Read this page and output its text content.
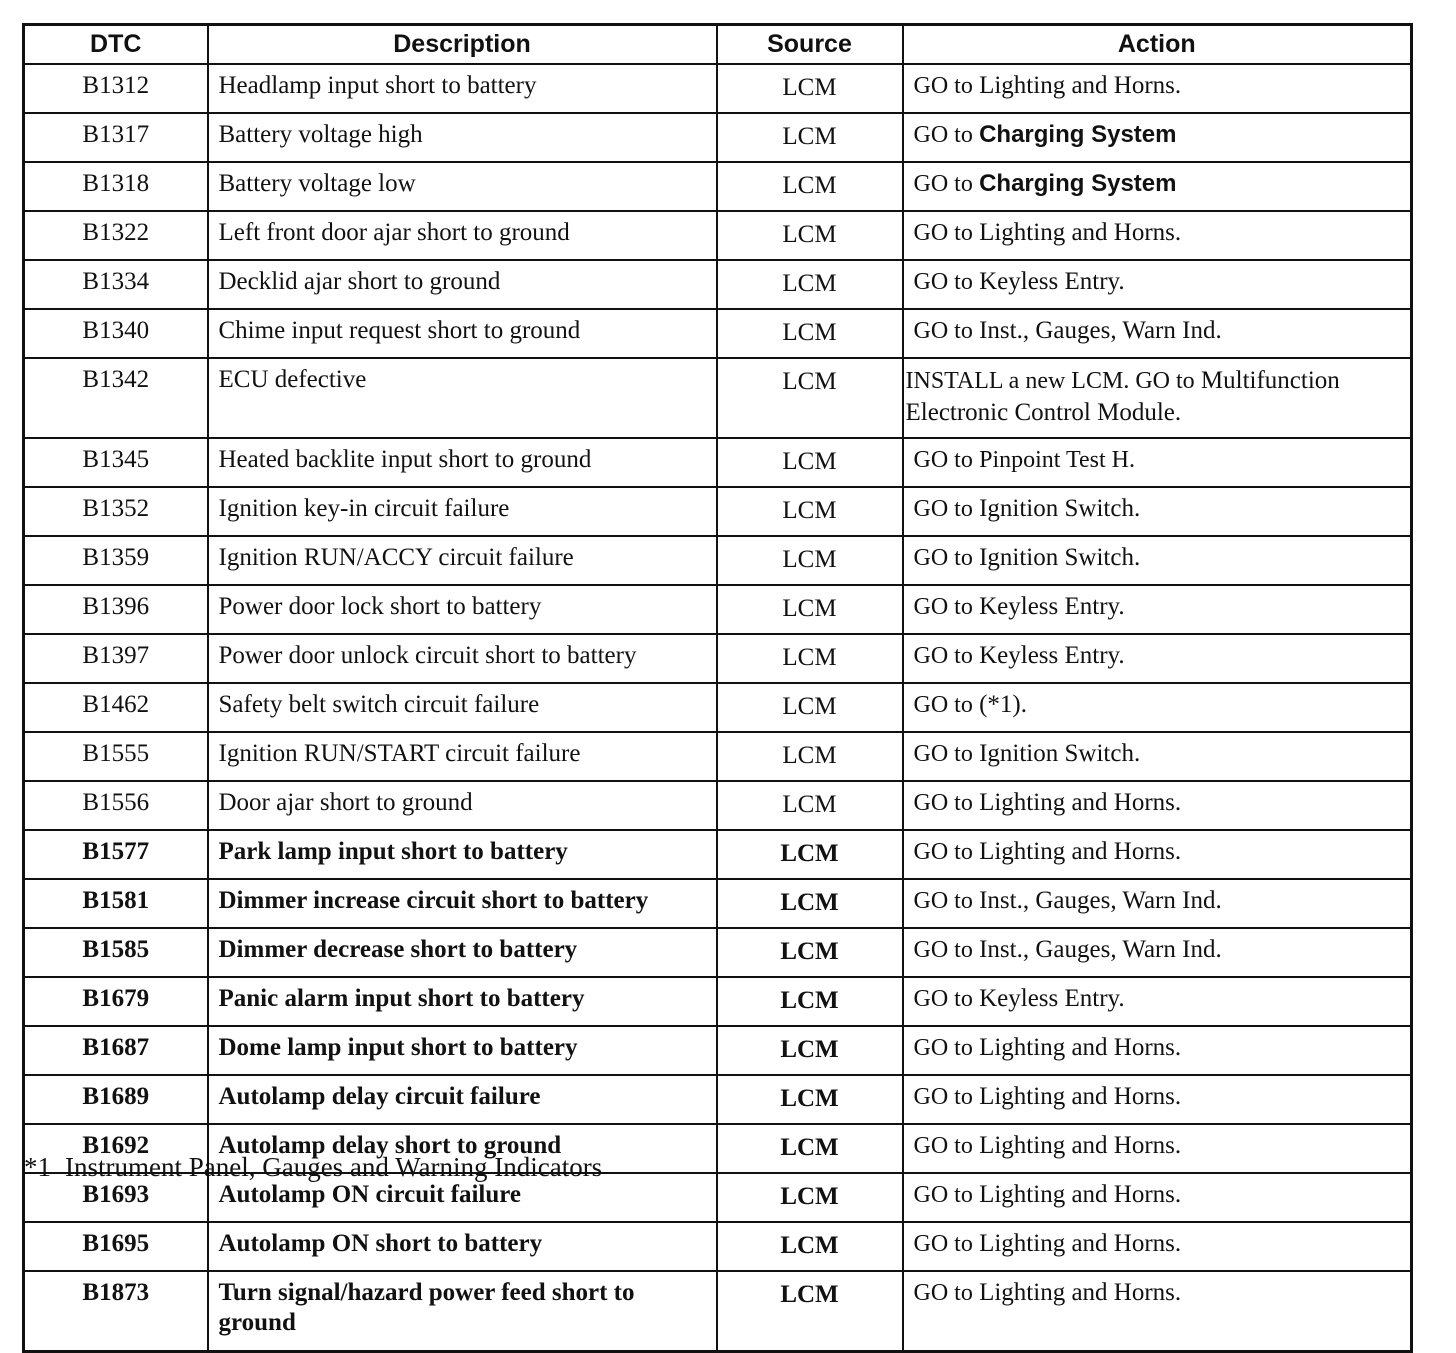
DTC	Description	Source	Action
B1312	Headlamp input short to battery	LCM	GO to Lighting and Horns.
B1317	Battery voltage high	LCM	GO to Charging System
B1318	Battery voltage low	LCM	GO to Charging System
B1322	Left front door ajar short to ground	LCM	GO to Lighting and Horns.
B1334	Decklid ajar short to ground	LCM	GO to Keyless Entry.
B1340	Chime input request short to ground	LCM	GO to Inst., Gauges, Warn Ind.
B1342	ECU defective	LCM	INSTALL a new LCM. GO to Multifunction Electronic Control Module.
B1345	Heated backlite input short to ground	LCM	GO to Pinpoint Test H.
B1352	Ignition key-in circuit failure	LCM	GO to Ignition Switch.
B1359	Ignition RUN/ACCY circuit failure	LCM	GO to Ignition Switch.
B1396	Power door lock short to battery	LCM	GO to Keyless Entry.
B1397	Power door unlock circuit short to battery	LCM	GO to Keyless Entry.
B1462	Safety belt switch circuit failure	LCM	GO to (*1).
B1555	Ignition RUN/START circuit failure	LCM	GO to Ignition Switch.
B1556	Door ajar short to ground	LCM	GO to Lighting and Horns.
B1577	Park lamp input short to battery	LCM	GO to Lighting and Horns.
B1581	Dimmer increase circuit short to battery	LCM	GO to Inst., Gauges, Warn Ind.
B1585	Dimmer decrease short to battery	LCM	GO to Inst., Gauges, Warn Ind.
B1679	Panic alarm input short to battery	LCM	GO to Keyless Entry.
B1687	Dome lamp input short to battery	LCM	GO to Lighting and Horns.
B1689	Autolamp delay circuit failure	LCM	GO to Lighting and Horns.
B1692	Autolamp delay short to ground	LCM	GO to Lighting and Horns.
B1693	Autolamp ON circuit failure	LCM	GO to Lighting and Horns.
B1695	Autolamp ON short to battery	LCM	GO to Lighting and Horns.
B1873	Turn signal/hazard power feed short to ground	LCM	GO to Lighting and Horns.
*1 Instrument Panel, Gauges and Warning Indicators
